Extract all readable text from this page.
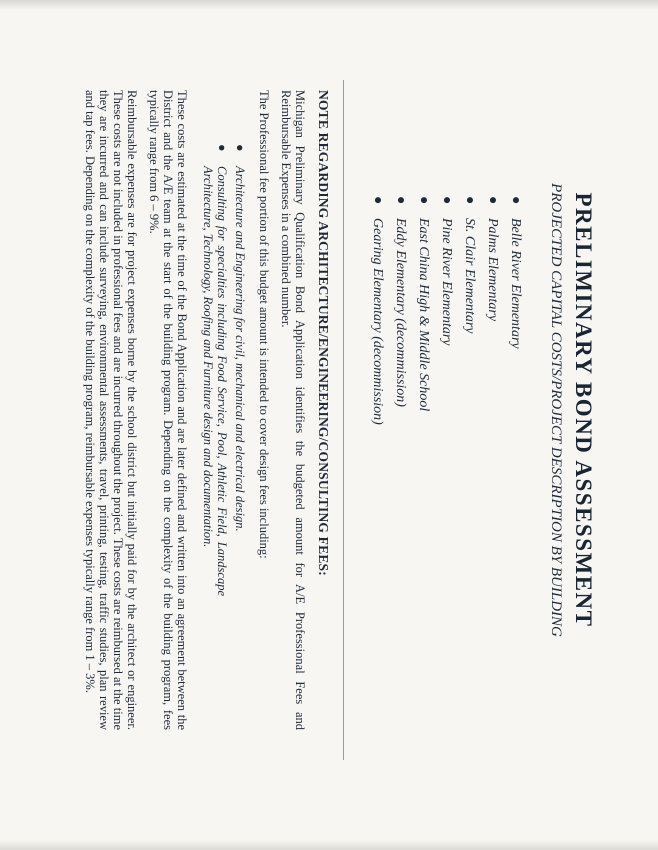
PRELIMINARY BOND ASSESSMENT
PROJECTED CAPITAL COSTS/PROJECT DESCRIPTION BY BUILDING
●
Belle River Elementary
●
Palms Elementary
●
St. Clair Elementary
●
Pine River Elementary
●
East China High & Middle School
●
Eddy Elementary (decommission)
●
Gearing Elementary (decommission)
NOTE REGARDING ARCHITECTURE/ENGINEERING/CONSULTING FEES:

Michigan Preliminary Qualification Bond Application identifies the budgeted amount for A/E Professional Fees and Reimbursable Expenses in a combined number.

The Professional fee portion of this budget amount is intended to cover design fees including:

●
Architecture and Engineering for civil, mechanical and electrical design.
●
Consulting for specialties including Food Service, Pool, Athletic Field, Landscape Architecture, Technology, Roofing and Furniture design and documentation.

These costs are estimated at the time of the Bond Application and are later defined and written into an agreement between the District and the A/E team at the start of the building program. Depending on the complexity of the building program, fees typically range from 6 – 9%.

Reimbursable expenses are for project expenses borne by the school district but initially paid for by the architect or engineer. These costs are not included in professional fees and are incurred throughout the project. These costs are reimbursed at the time they are incurred and can include surveying, environmental assessments, travel, printing, testing, traffic studies, plan review and tap fees. Depending on the complexity of the building program, reimbursable expenses typically range from 1 – 3%.
